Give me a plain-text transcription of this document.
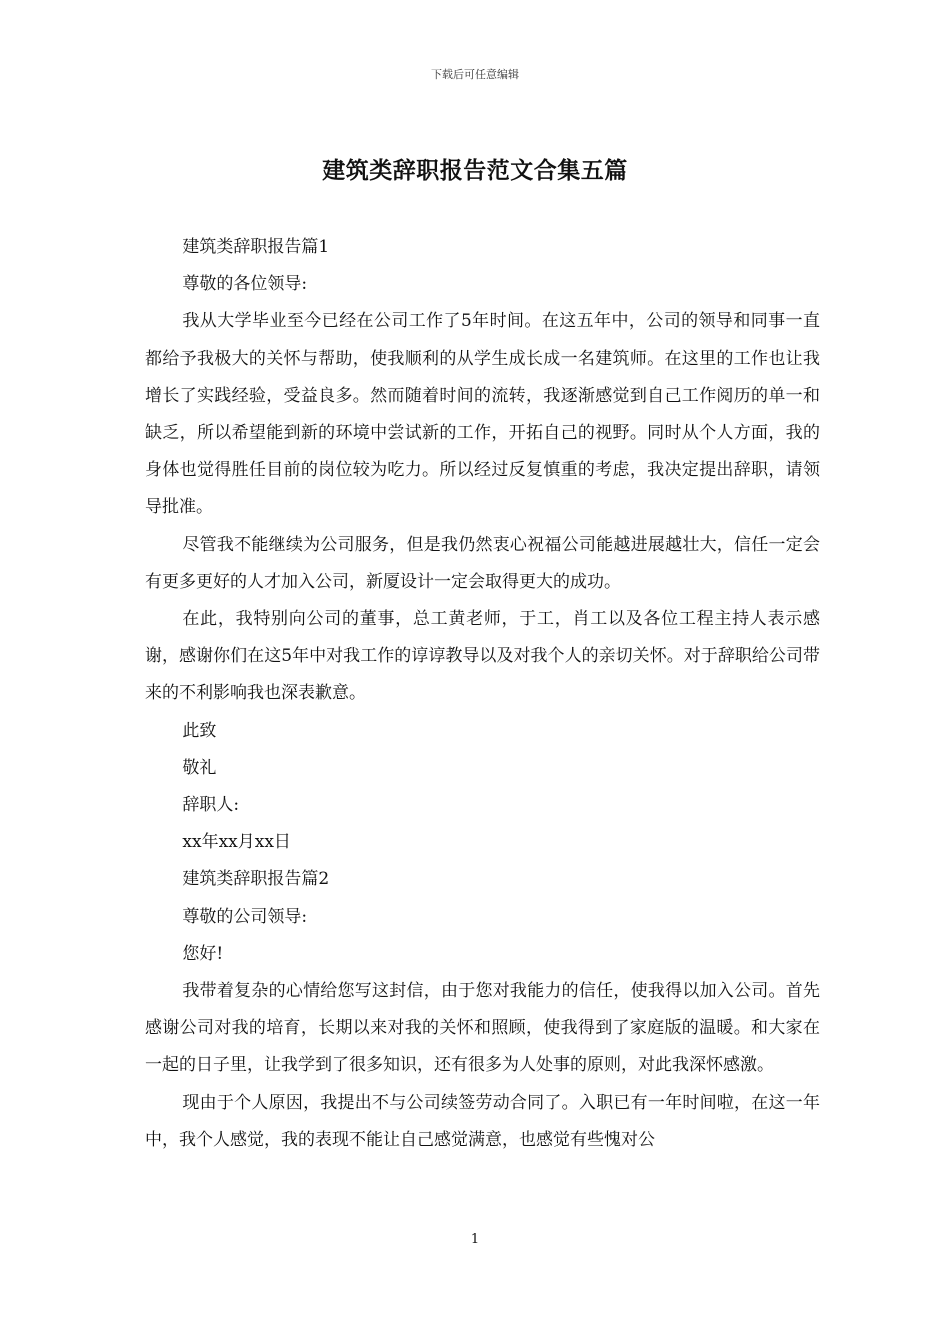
下载后可任意编辑
建筑类辞职报告范文合集五篇

建筑类辞职报告篇1

尊敬的各位领导:

我从大学毕业至今已经在公司工作了5年时间。在这五年中，公司的领导和同事一直都给予我极大的关怀与帮助，使我顺利的从学生成长成一名建筑师。在这里的工作也让我增长了实践经验，受益良多。然而随着时间的流转，我逐渐感觉到自己工作阅历的单一和缺乏，所以希望能到新的环境中尝试新的工作，开拓自己的视野。同时从个人方面，我的身体也觉得胜任目前的岗位较为吃力。所以经过反复慎重的考虑，我决定提出辞职，请领导批准。

尽管我不能继续为公司服务，但是我仍然衷心祝福公司能越进展越壮大，信任一定会有更多更好的人才加入公司，新厦设计一定会取得更大的成功。

在此，我特别向公司的董事，总工黄老师，于工，肖工以及各位工程主持人表示感谢，感谢你们在这5年中对我工作的谆谆教导以及对我个人的亲切关怀。对于辞职给公司带来的不利影响我也深表歉意。

此致

敬礼

辞职人:

xx年xx月xx日

建筑类辞职报告篇2

尊敬的公司领导:

您好!

我带着复杂的心情给您写这封信，由于您对我能力的信任，使我得以加入公司。首先感谢公司对我的培育，长期以来对我的关怀和照顾，使我得到了家庭版的温暖。和大家在一起的日子里，让我学到了很多知识，还有很多为人处事的原则，对此我深怀感激。

现由于个人原因，我提出不与公司续签劳动合同了。入职已有一年时间啦，在这一年中，我个人感觉，我的表现不能让自己感觉满意，也感觉有些愧对公

1
